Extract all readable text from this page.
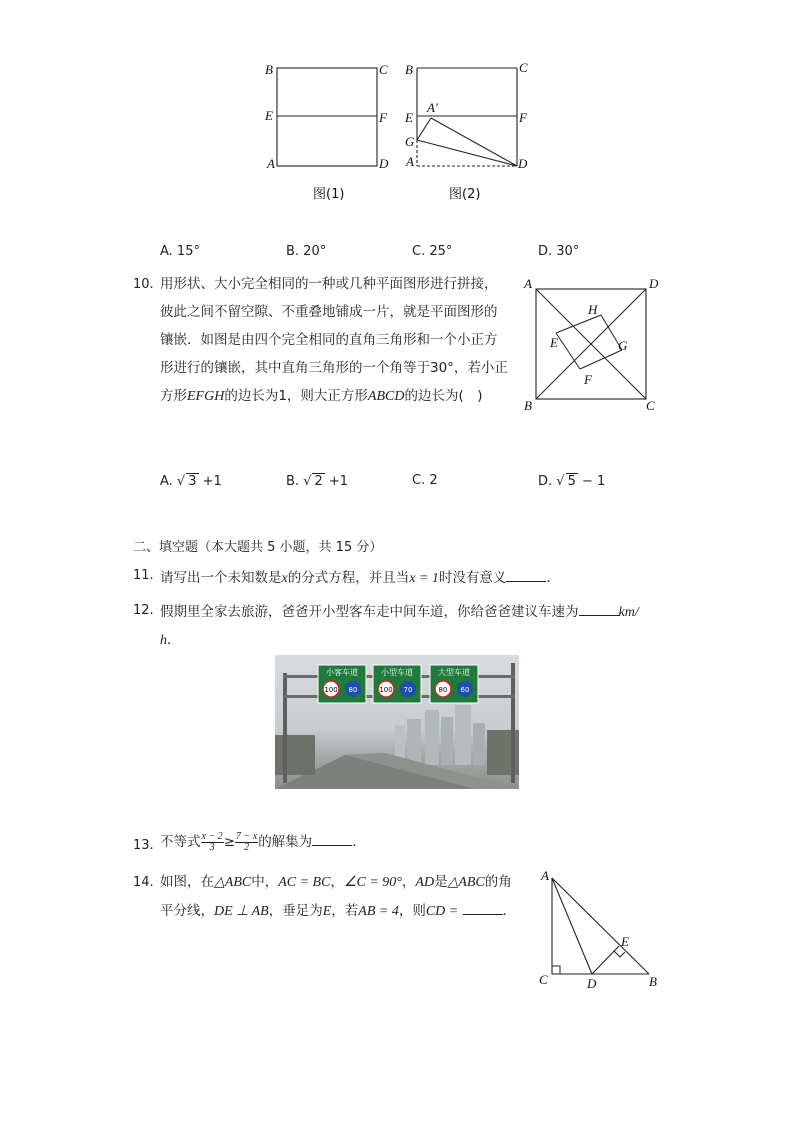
B	C
E	F
A	D
图(1)
B	C
A′
E	F
G
A	D
图(2)
A. 15°	B. 20°	C. 25°	D. 30°
10. 用形状、大小完全相同的一种或几种平面图形进行拼接，
彼此之间不留空隙、不重叠地铺成一片，就是平面图形的
镶嵌．如图是由四个完全相同的直角三角形和一个小正方
形进行的镶嵌，其中直角三角形的一个角等于30°，若小正
方形EFGH的边长为1，则大正方形ABCD的边长为(　)
A	D
H
E	G
F
B	C
A. √ 3 +1	B. √ 2 +1	C. 2	D. √ 5 − 1
二、填空题（本大题共 5 小题，共 15 分）
11. 请写出一个未知数是x的分式方程，并且当x = 1时没有意义	．
12. 假期里全家去旅游，爸爸开小型客车走中间车道，你给爸爸建议车速为	km/
h．
小客车道
100 80
小型车道
100 70
大型车道
80 60
13. 不等式 $\frac{x - 2}{3} \ge \frac{7 - x}{2}$ 的解集为	．
14. 如图，在△ABC中，AC = BC，∠C = 90°，AD是△ABC的角
平分线，DE ⊥ AB，垂足为E，若AB = 4，则CD =	．
A
E
C	D	B
